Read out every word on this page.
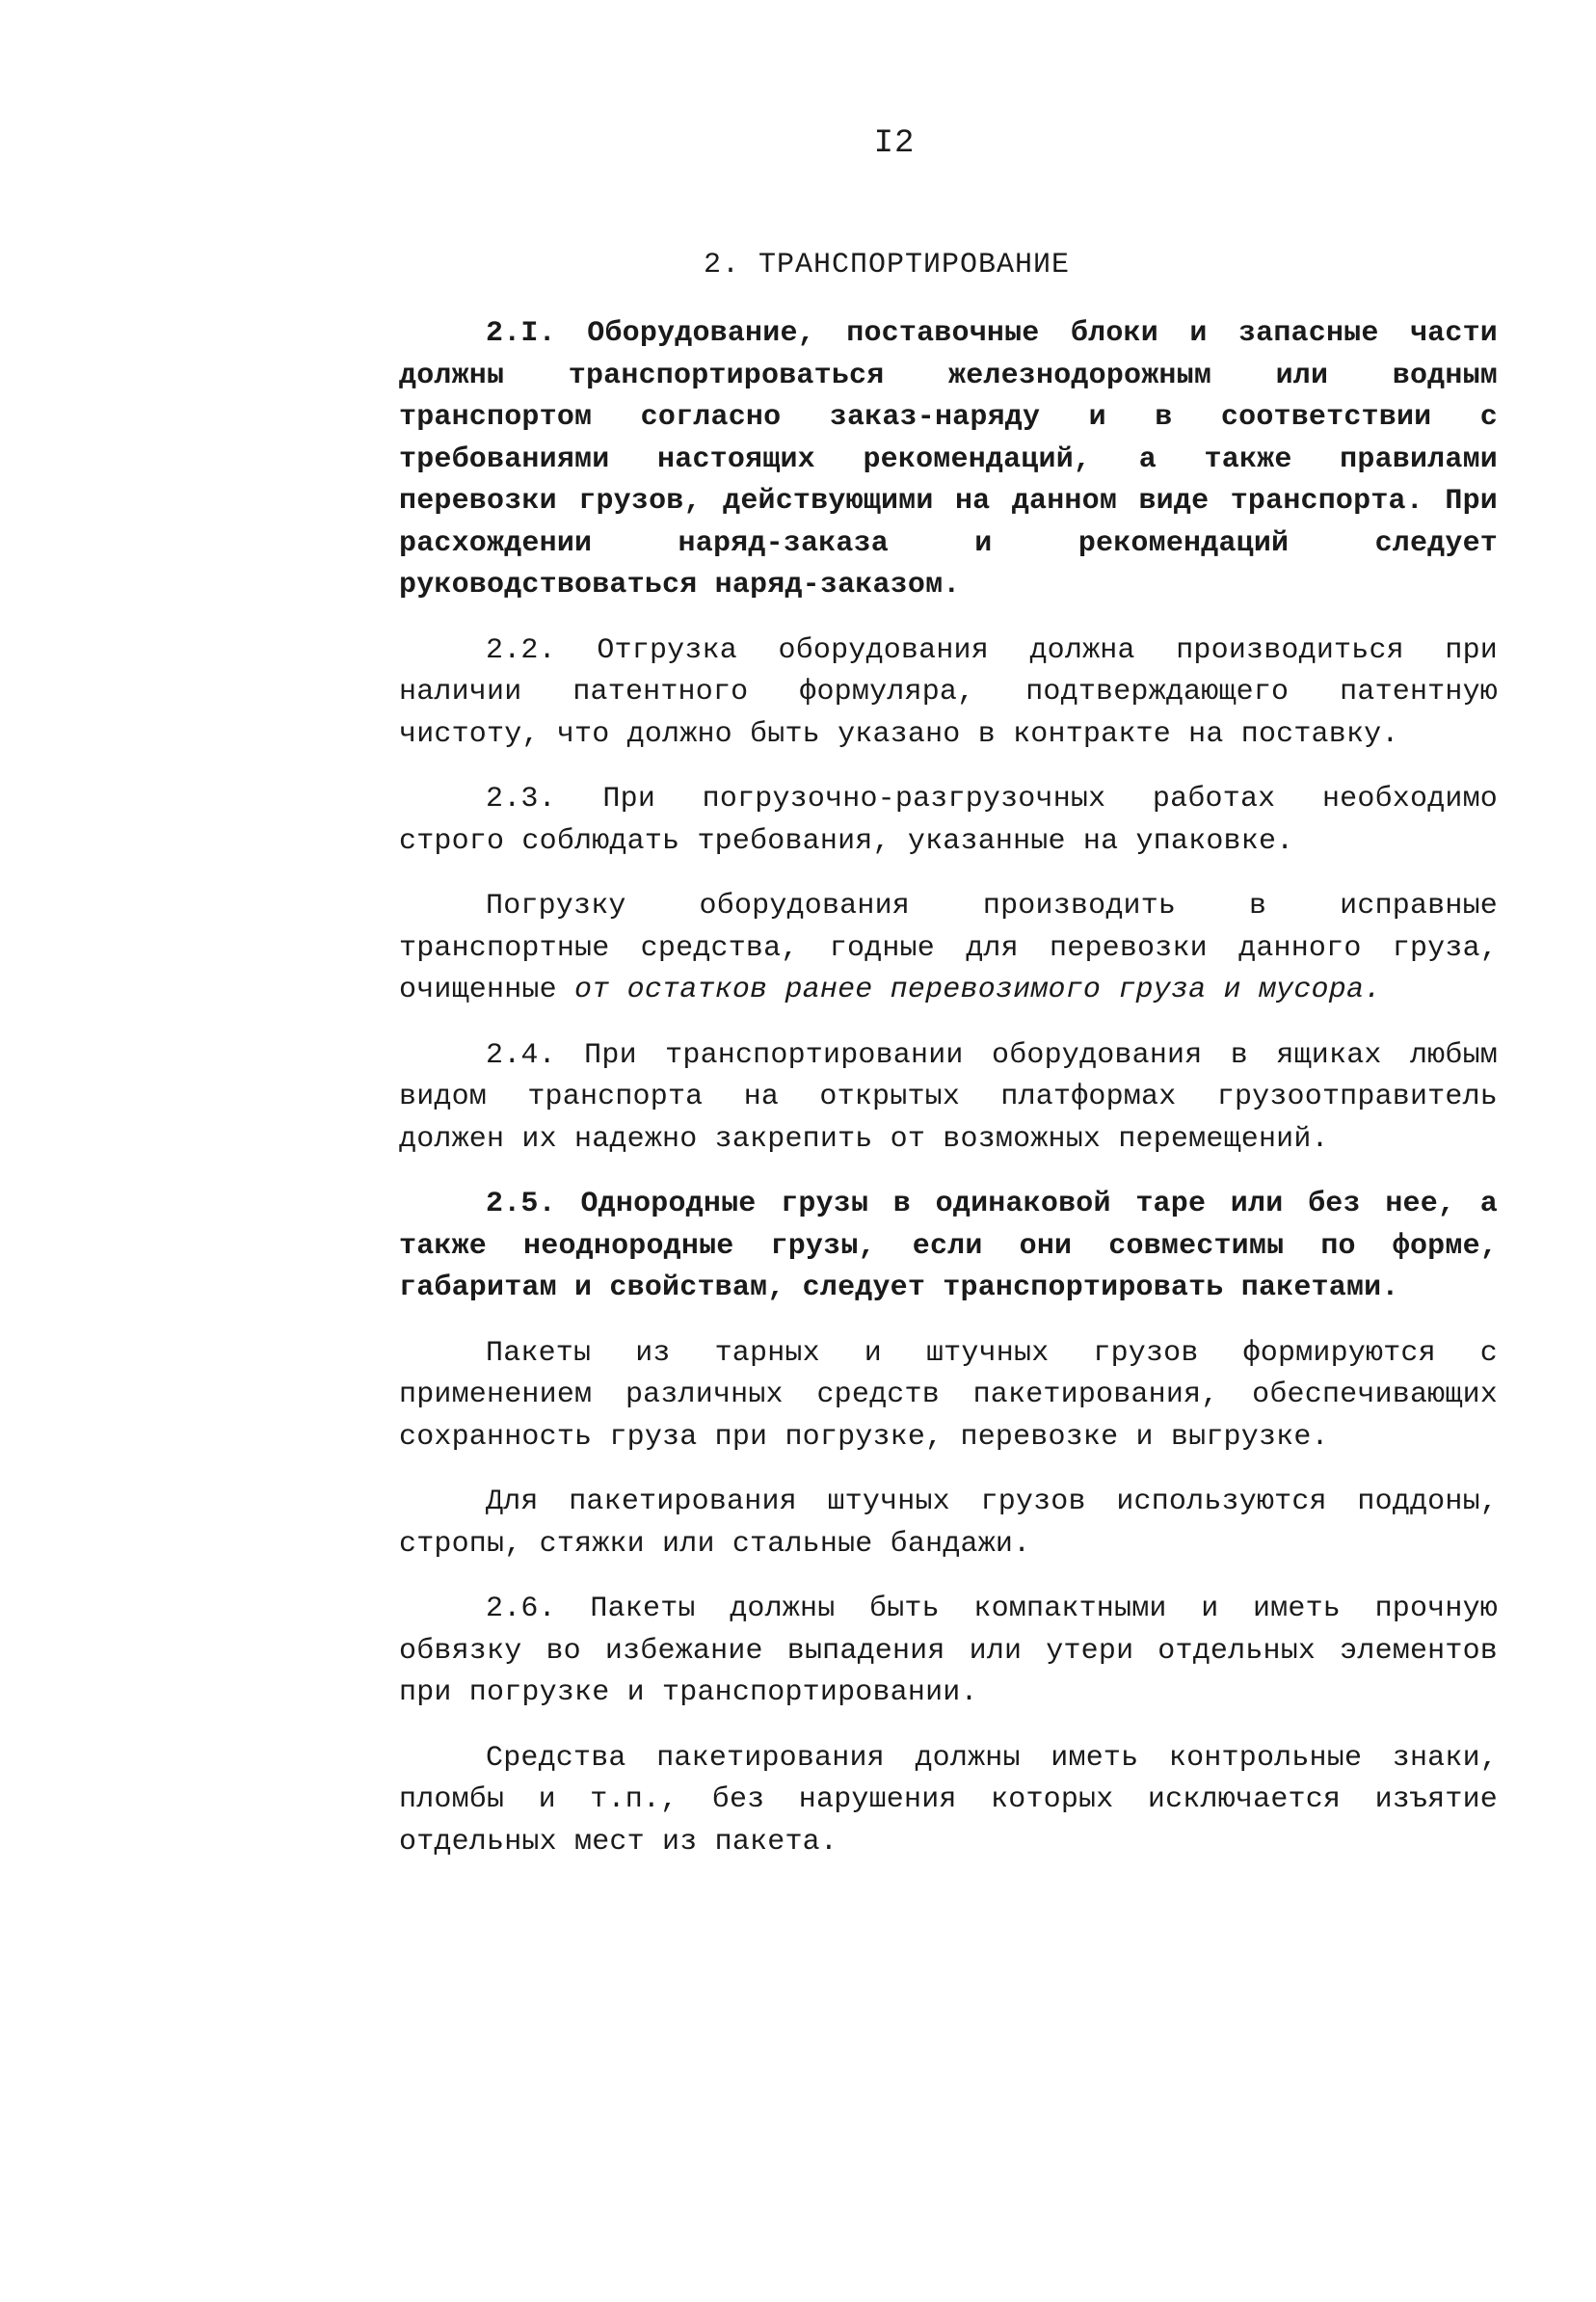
I2
2. ТРАНСПОРТИРОВАНИЕ

2.I. Оборудование, поставочные блоки и запасные части должны транспортироваться железнодорожным или водным транспортом согласно заказ-наряду и в соответствии с требованиями настоящих рекомендаций, а также правилами перевозки грузов, действующими на данном виде транспорта. При расхождении наряд-заказа и рекомендаций следует руководствоваться наряд-заказом.

2.2. Отгрузка оборудования должна производиться при наличии патентного формуляра, подтверждающего патентную чистоту, что должно быть указано в контракте на поставку.

2.3. При погрузочно-разгрузочных работах необходимо строго соблюдать требования, указанные на упаковке.

Погрузку оборудования производить в исправные транспортные средства, годные для перевозки данного груза, очищенные от остатков ранее перевозимого груза и мусора.

2.4. При транспортировании оборудования в ящиках любым видом транспорта на открытых платформах грузоотправитель должен их надежно закрепить от возможных перемещений.

2.5. Однородные грузы в одинаковой таре или без нее, а также неоднородные грузы, если они совместимы по форме, габаритам и свойствам, следует транспортировать пакетами.

Пакеты из тарных и штучных грузов формируются с применением различных средств пакетирования, обеспечивающих сохранность груза при погрузке, перевозке и выгрузке.

Для пакетирования штучных грузов используются поддоны, стропы, стяжки или стальные бандажи.

2.6. Пакеты должны быть компактными и иметь прочную обвязку во избежание выпадения или утери отдельных элементов при погрузке и транспортировании.

Средства пакетирования должны иметь контрольные знаки, пломбы и т.п., без нарушения которых исключается изъятие отдельных мест из пакета.
